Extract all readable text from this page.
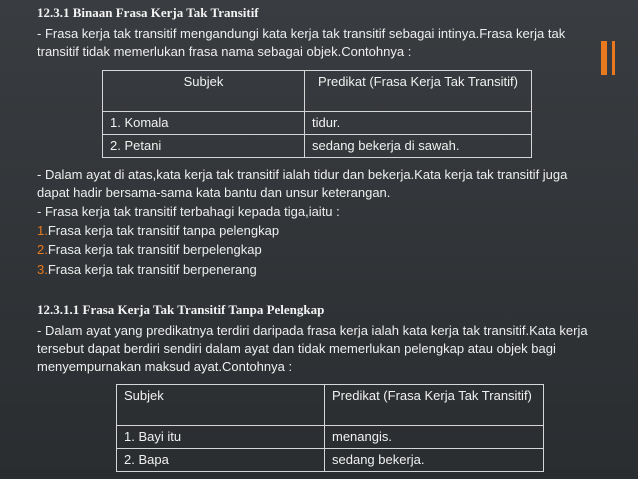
12.3.1 Binaan Frasa Kerja Tak Transitif
- Frasa kerja tak transitif mengandungi kata kerja tak transitif sebagai intinya.Frasa kerja tak transitif tidak memerlukan frasa nama sebagai objek.Contohnya :
Subjek	Predikat (Frasa Kerja Tak Transitif)
1. Komala	tidur.
2. Petani	sedang bekerja di sawah.
- Dalam ayat di atas,kata kerja tak transitif ialah tidur dan bekerja.Kata kerja tak transitif juga dapat hadir bersama-sama kata bantu dan unsur keterangan.
- Frasa kerja tak transitif terbahagi kepada tiga,iaitu :
1.Frasa kerja tak transitif tanpa pelengkap
2.Frasa kerja tak transitif berpelengkap
3.Frasa kerja tak transitif berpenerang
12.3.1.1 Frasa Kerja Tak Transitif Tanpa Pelengkap
- Dalam ayat yang predikatnya terdiri daripada frasa kerja ialah kata kerja tak transitif.Kata kerja tersebut dapat berdiri sendiri dalam ayat dan tidak memerlukan pelengkap atau objek bagi menyempurnakan maksud ayat.Contohnya :
Subjek	Predikat (Frasa Kerja Tak Transitif)
1. Bayi itu	menangis.
2. Bapa	sedang bekerja.
